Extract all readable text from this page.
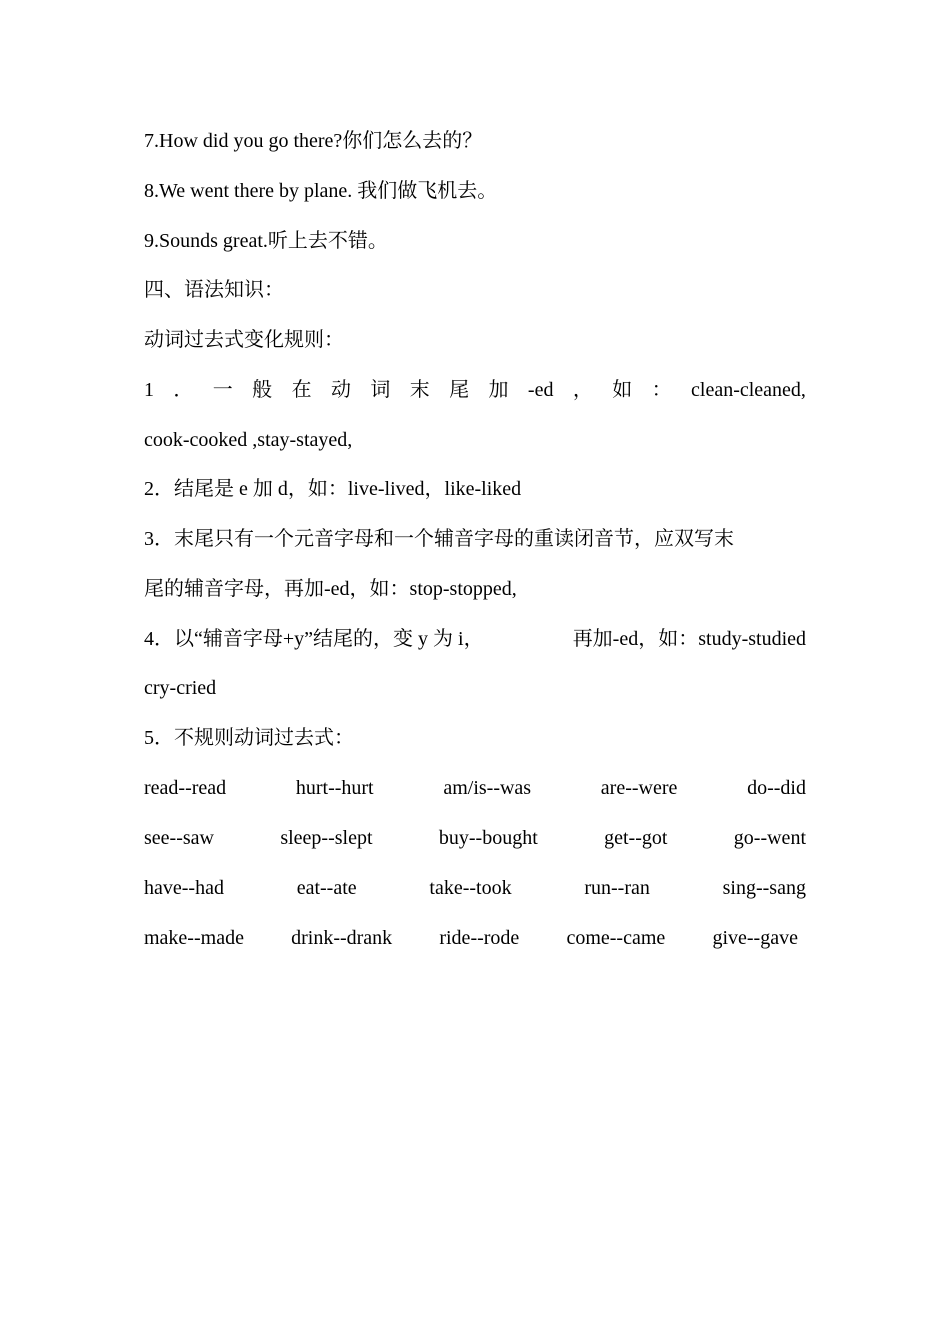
7.How did you go there?你们怎么去的？
8.We went there by plane. 我们做飞机去。
9.Sounds great.听上去不错。
四、语法知识：
动词过去式变化规则：
1 ． 一 般 在 动 词 末 尾 加 -ed ， 如 ： clean-cleaned,
cook-cooked ,stay-stayed,
2．结尾是 e 加 d，如：live-lived，like-liked
3．末尾只有一个元音字母和一个辅音字母的重读闭音节，应双写末
尾的辅音字母，再加-ed，如：stop-stopped,
4．以“辅音字母+y”结尾的，变 y 为 i，	再加-ed，如：study-studied
cry-cried
5．不规则动词过去式：
read--read	hurt--hurt	am/is--was	are--were	do--did
see--saw	sleep--slept	buy--bought	get--got	go--went
have--had	eat--ate	take--took	run--ran	sing--sang
make--made drink--drank ride--rode come--came give--gave
